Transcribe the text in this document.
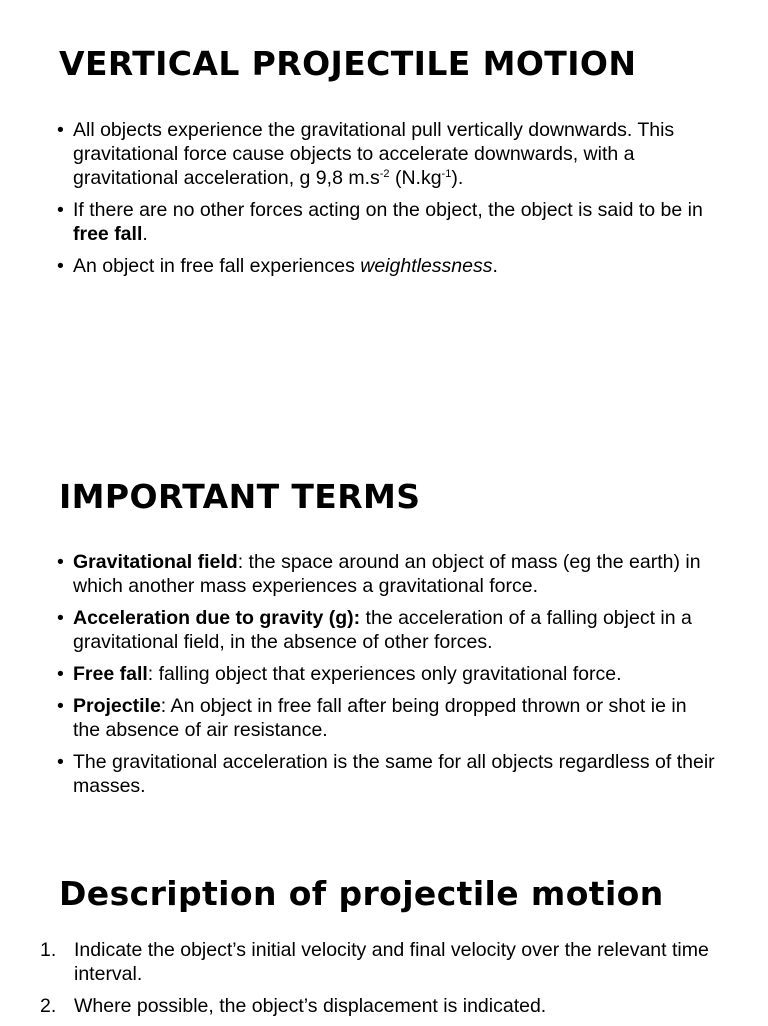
VERTICAL PROJECTILE MOTION
• All objects experience the gravitational pull vertically downwards. This gravitational force cause objects to accelerate downwards, with a gravitational acceleration, g 9,8 $m.s^{-2}$ $(N.kg^{-1})$.
• If there are no other forces acting on the object, the object is said to be in free fall.
• An object in free fall experiences weightlessness.
IMPORTANT TERMS
• Gravitational field: the space around an object of mass (eg the earth) in which another mass experiences a gravitational force.
• Acceleration due to gravity (g): the acceleration of a falling object in a gravitational field, in the absence of other forces.
• Free fall: falling object that experiences only gravitational force.
• Projectile: An object in free fall after being dropped thrown or shot ie in the absence of air resistance.
• The gravitational acceleration is the same for all objects regardless of their masses.
Description of projectile motion
1. Indicate the object’s initial velocity and final velocity over the relevant time interval.
2. Where possible, the object’s displacement is indicated.
